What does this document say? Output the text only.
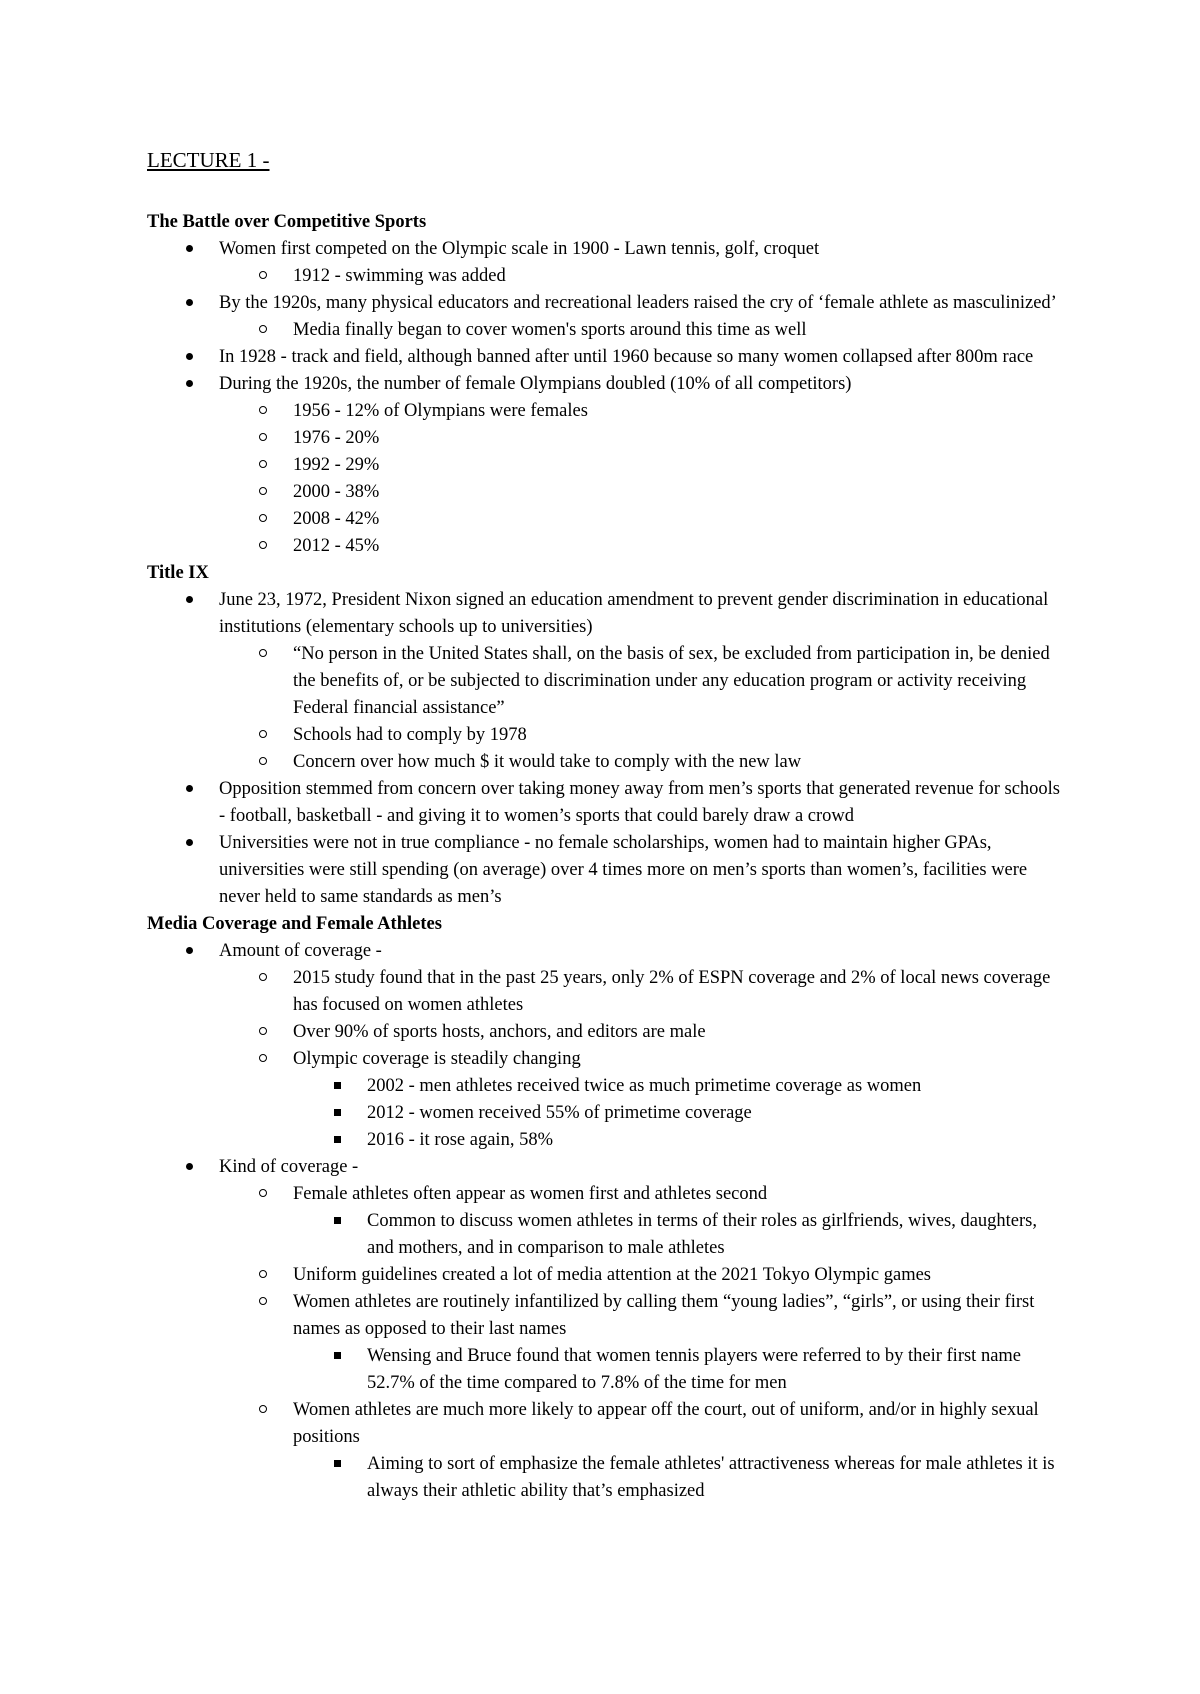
LECTURE 1 -
The Battle over Competitive Sports
Women first competed on the Olympic scale in 1900 - Lawn tennis, golf, croquet
1912 - swimming was added
By the 1920s, many physical educators and recreational leaders raised the cry of ‘female athlete as masculinized’
Media finally began to cover women's sports around this time as well
In 1928 - track and field, although banned after until 1960 because so many women collapsed after 800m race
During the 1920s, the number of female Olympians doubled (10% of all competitors)
1956 - 12% of Olympians were females
1976 - 20%
1992 - 29%
2000 - 38%
2008 - 42%
2012 - 45%
Title IX
June 23, 1972, President Nixon signed an education amendment to prevent gender discrimination in educational institutions (elementary schools up to universities)
“No person in the United States shall, on the basis of sex, be excluded from participation in, be denied the benefits of, or be subjected to discrimination under any education program or activity receiving Federal financial assistance”
Schools had to comply by 1978
Concern over how much $ it would take to comply with the new law
Opposition stemmed from concern over taking money away from men’s sports that generated revenue for schools - football, basketball - and giving it to women’s sports that could barely draw a crowd
Universities were not in true compliance - no female scholarships, women had to maintain higher GPAs, universities were still spending (on average) over 4 times more on men’s sports than women’s, facilities were never held to same standards as men’s
Media Coverage and Female Athletes
Amount of coverage -
2015 study found that in the past 25 years, only 2% of ESPN coverage and 2% of local news coverage has focused on women athletes
Over 90% of sports hosts, anchors, and editors are male
Olympic coverage is steadily changing
2002 - men athletes received twice as much primetime coverage as women
2012 - women received 55% of primetime coverage
2016 - it rose again, 58%
Kind of coverage -
Female athletes often appear as women first and athletes second
Common to discuss women athletes in terms of their roles as girlfriends, wives, daughters, and mothers, and in comparison to male athletes
Uniform guidelines created a lot of media attention at the 2021 Tokyo Olympic games
Women athletes are routinely infantilized by calling them “young ladies”, “girls”, or using their first names as opposed to their last names
Wensing and Bruce found that women tennis players were referred to by their first name 52.7% of the time compared to 7.8% of the time for men
Women athletes are much more likely to appear off the court, out of uniform, and/or in highly sexual positions
Aiming to sort of emphasize the female athletes' attractiveness whereas for male athletes it is always their athletic ability that’s emphasized
